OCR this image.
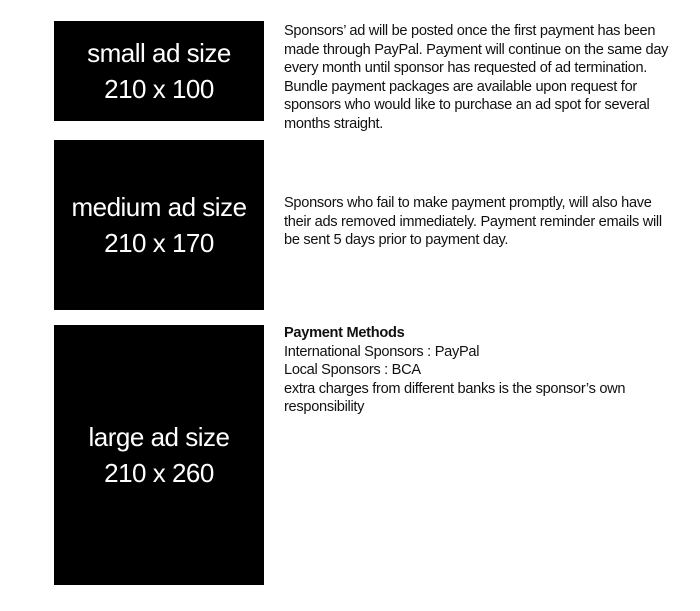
small ad size
210 x 100
medium ad size
210 x 170
large ad size
210 x 260

Sponsors’ ad will be posted once the first payment has been made through PayPal. Payment will continue on the same day every month until sponsor has requested of ad termination. Bundle payment packages are available upon request for sponsors who would like to purchase an ad spot for several months straight.

Sponsors who fail to make payment promptly, will also have their ads removed immediately. Payment reminder emails will be sent 5 days prior to payment day.

Payment Methods
International Sponsors : PayPal
Local Sponsors : BCA
extra charges from different banks is the sponsor’s own responsibility
